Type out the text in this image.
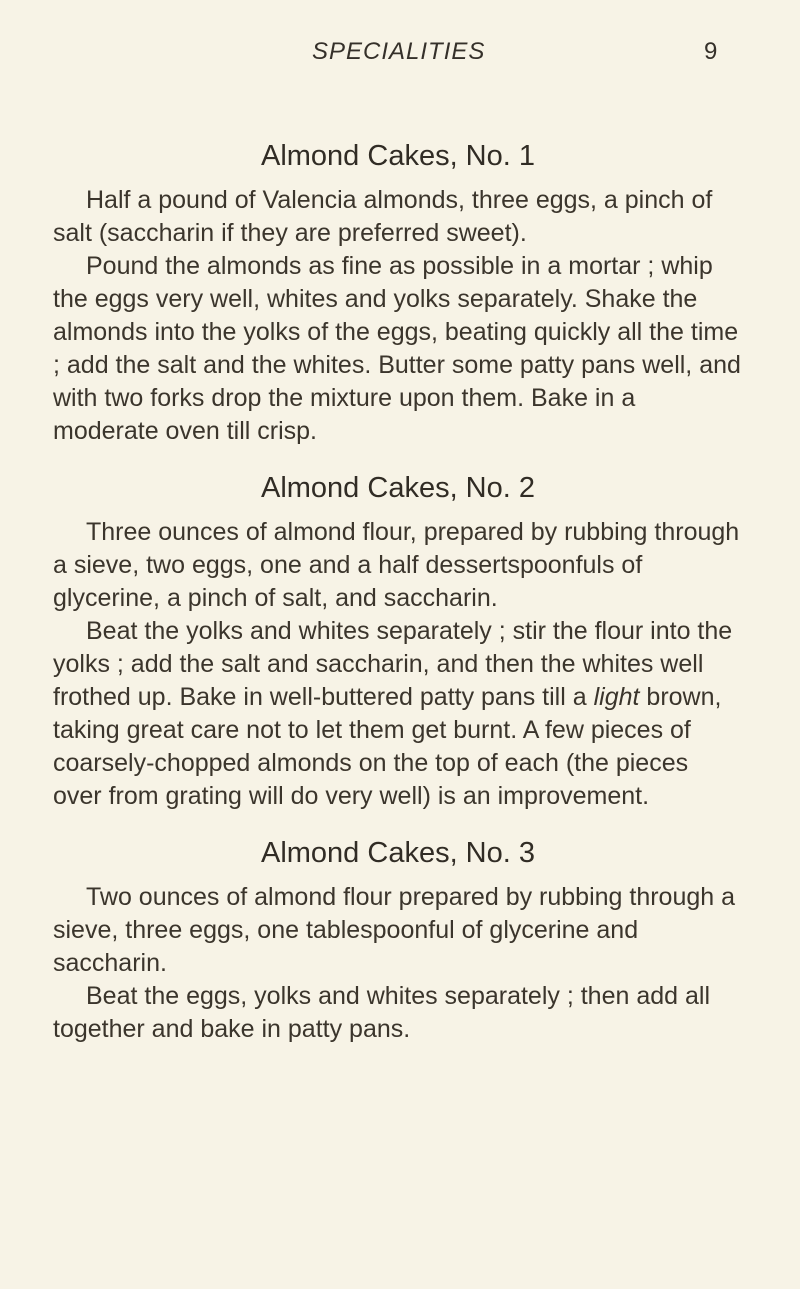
SPECIALITIES	9
Almond Cakes, No. 1

Half a pound of Valencia almonds, three eggs, a pinch of salt (saccharin if they are preferred sweet).

Pound the almonds as fine as possible in a mortar ; whip the eggs very well, whites and yolks separately. Shake the almonds into the yolks of the eggs, beating quickly all the time ; add the salt and the whites. Butter some patty pans well, and with two forks drop the mixture upon them. Bake in a moderate oven till crisp.

Almond Cakes, No. 2

Three ounces of almond flour, prepared by rubbing through a sieve, two eggs, one and a half dessertspoonfuls of glycerine, a pinch of salt, and saccharin.

Beat the yolks and whites separately ; stir the flour into the yolks ; add the salt and saccharin, and then the whites well frothed up. Bake in well-buttered patty pans till a light brown, taking great care not to let them get burnt. A few pieces of coarsely-chopped almonds on the top of each (the pieces over from grating will do very well) is an improvement.

Almond Cakes, No. 3

Two ounces of almond flour prepared by rubbing through a sieve, three eggs, one tablespoonful of glycerine and saccharin.

Beat the eggs, yolks and whites separately ; then add all together and bake in patty pans.
